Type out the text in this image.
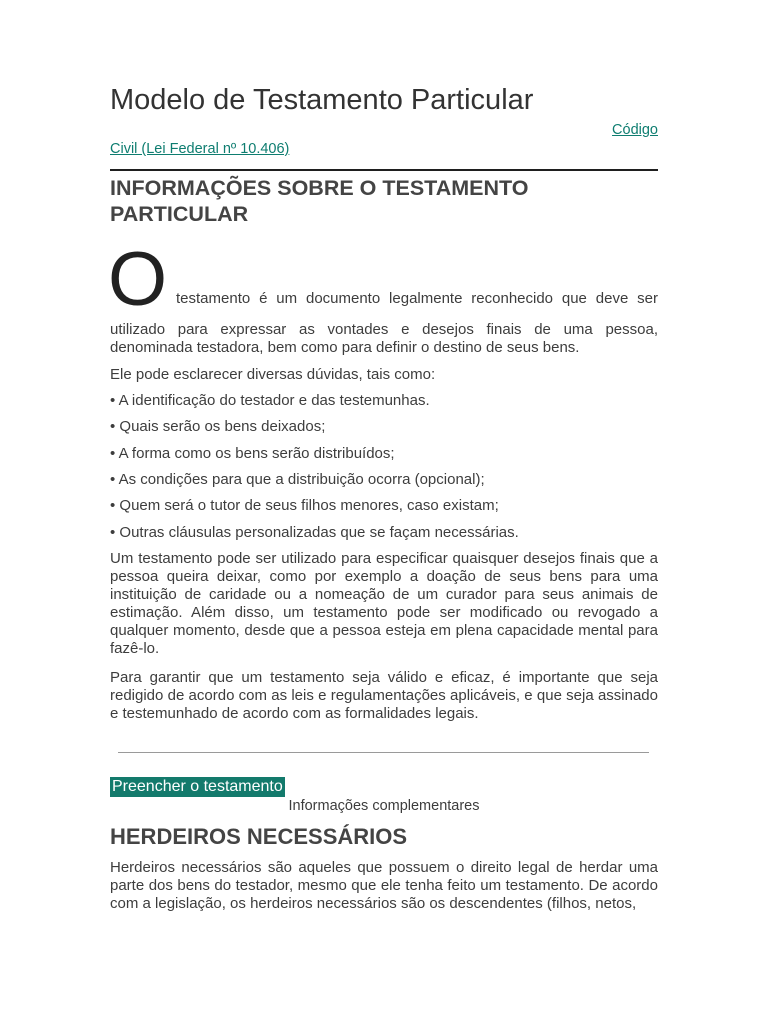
Modelo de Testamento Particular
Código
Civil (Lei Federal nº 10.406)
INFORMAÇÕES SOBRE O TESTAMENTO PARTICULAR
O testamento é um documento legalmente reconhecido que deve ser

utilizado para expressar as vontades e desejos finais de uma pessoa, denominada testadora, bem como para definir o destino de seus bens.

Ele pode esclarecer diversas dúvidas, tais como:

• A identificação do testador e das testemunhas.

• Quais serão os bens deixados;

• A forma como os bens serão distribuídos;

• As condições para que a distribuição ocorra (opcional);

• Quem será o tutor de seus filhos menores, caso existam;

• Outras cláusulas personalizadas que se façam necessárias.

Um testamento pode ser utilizado para especificar quaisquer desejos finais que a pessoa queira deixar, como por exemplo a doação de seus bens para uma instituição de caridade ou a nomeação de um curador para seus animais de estimação. Além disso, um testamento pode ser modificado ou revogado a qualquer momento, desde que a pessoa esteja em plena capacidade mental para fazê-lo.

Para garantir que um testamento seja válido e eficaz, é importante que seja redigido de acordo com as leis e regulamentações aplicáveis, e que seja assinado e testemunhado de acordo com as formalidades legais.

Preencher o testamento
Informações complementares
HERDEIROS NECESSÁRIOS

Herdeiros necessários são aqueles que possuem o direito legal de herdar uma parte dos bens do testador, mesmo que ele tenha feito um testamento. De acordo com a legislação, os herdeiros necessários são os descendentes (filhos, netos,
